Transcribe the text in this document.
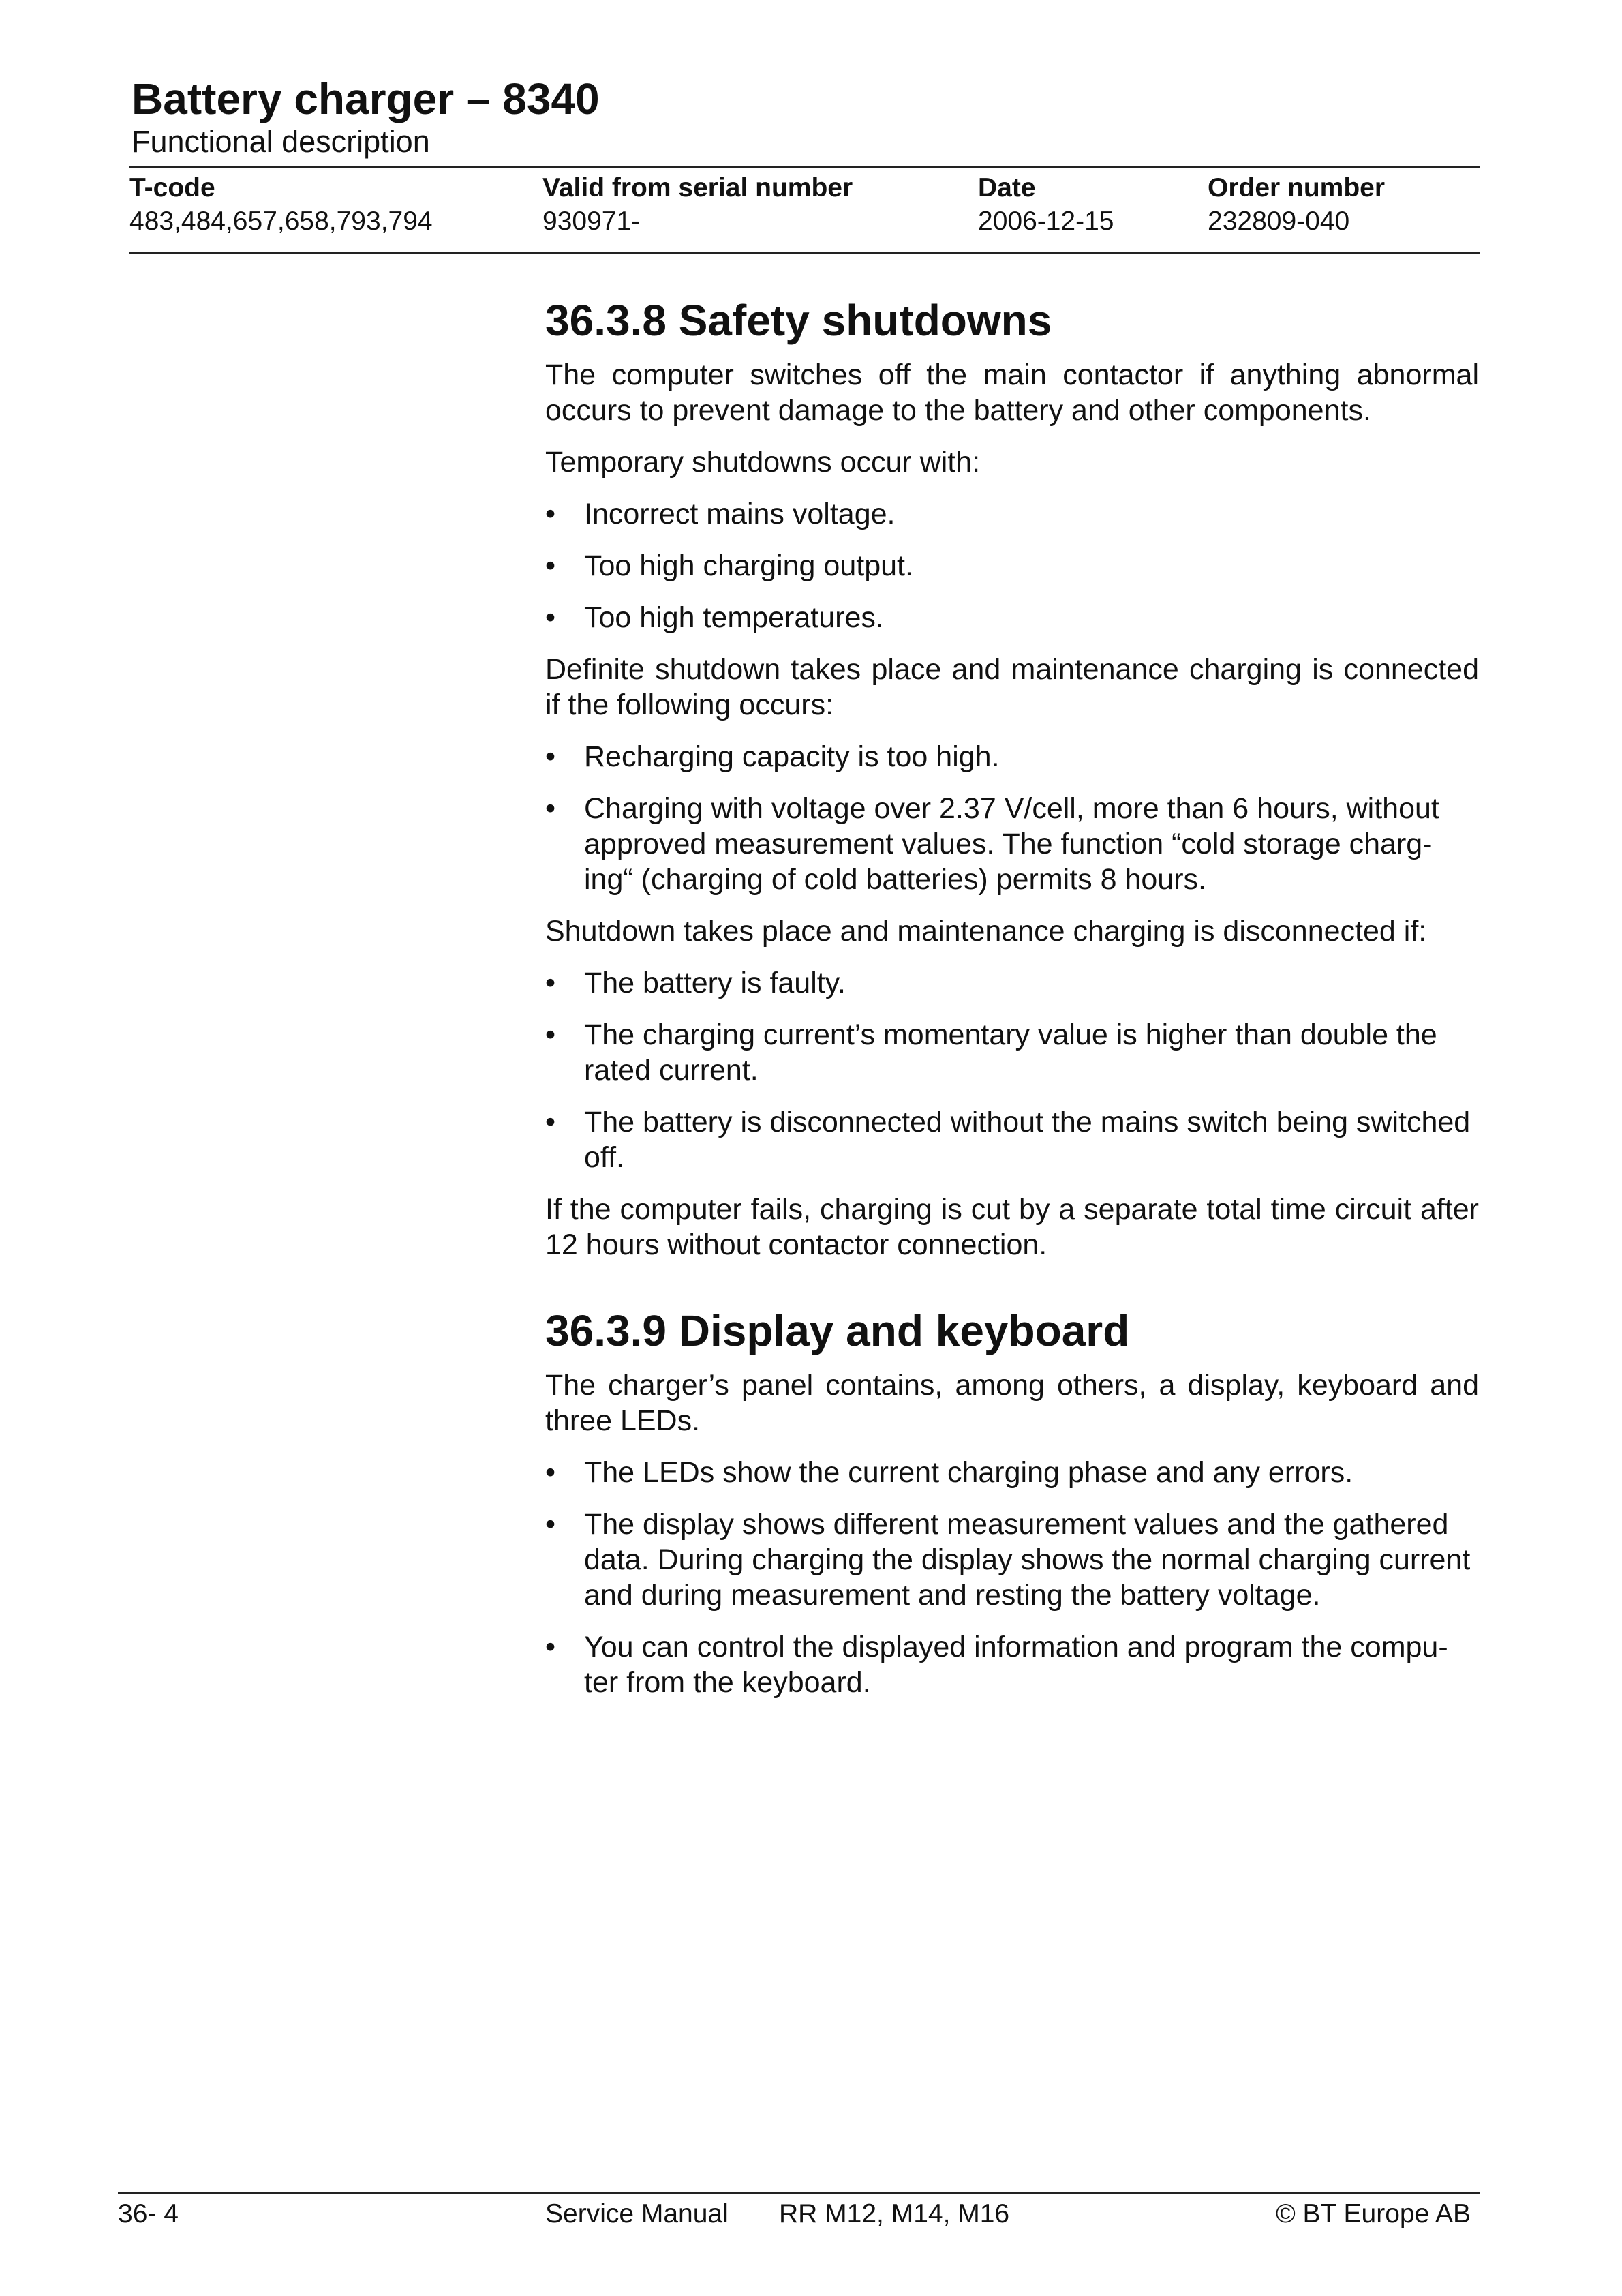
Battery charger – 8340
Functional description
T-code	Valid from serial number	Date	Order number
483,484,657,658,793,794	930971-	2006-12-15	232809-040
36.3.8 Safety shutdowns

The computer switches off the main contactor if anything abnormal occurs to prevent damage to the battery and other components.

Temporary shutdowns occur with:

• Incorrect mains voltage.
• Too high charging output.
• Too high temperatures.

Definite shutdown takes place and maintenance charging is connected if the following occurs:

• Recharging capacity is too high.
• Charging with voltage over 2.37 V/cell, more than 6 hours, without approved measurement values. The function “cold storage charg-ing“ (charging of cold batteries) permits 8 hours.

Shutdown takes place and maintenance charging is disconnected if:

• The battery is faulty.
• The charging current’s momentary value is higher than double the rated current.
• The battery is disconnected without the mains switch being switched off.

If the computer fails, charging is cut by a separate total time circuit after 12 hours without contactor connection.

36.3.9 Display and keyboard

The charger’s panel contains, among others, a display, keyboard and three LEDs.

• The LEDs show the current charging phase and any errors.
• The display shows different measurement values and the gathered data. During charging the display shows the normal charging current and during measurement and resting the battery voltage.
• You can control the displayed information and program the compu-ter from the keyboard.
36- 4	Service Manual RR M12, M14, M16	© BT Europe AB
